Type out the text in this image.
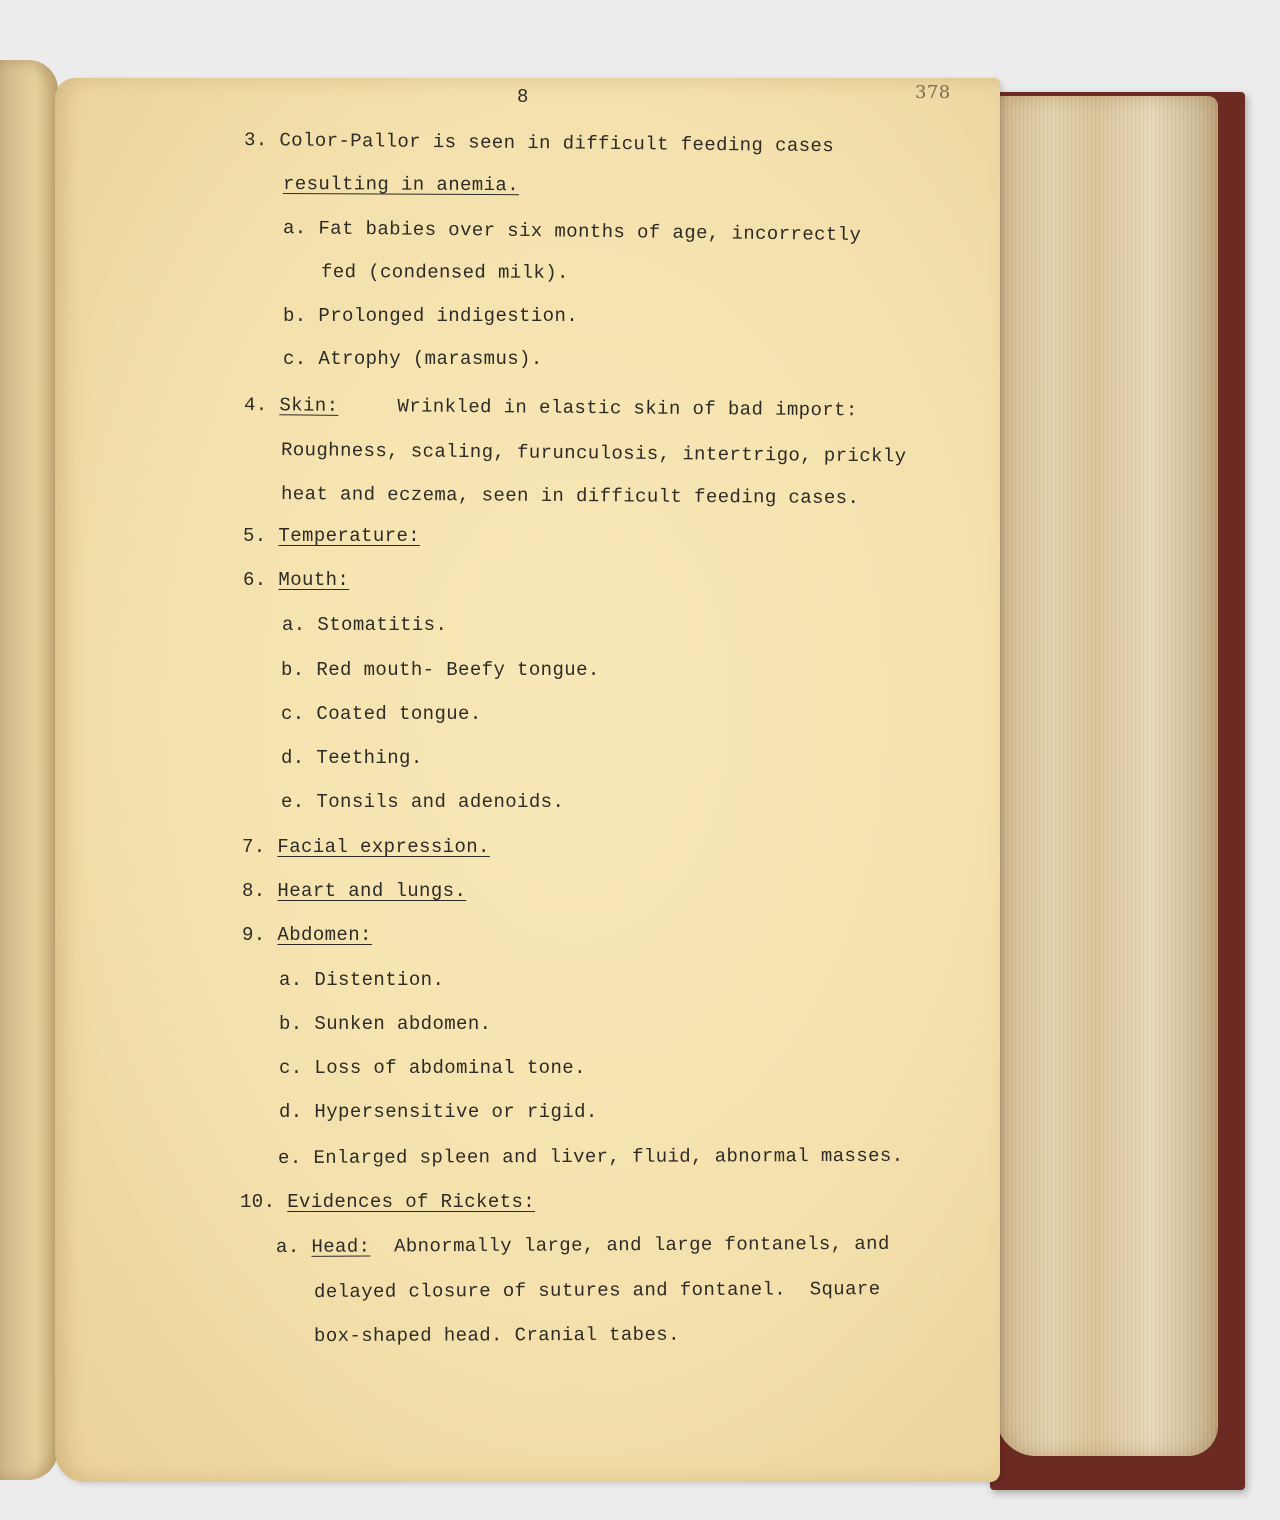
8	378
3. Color-Pallor is seen in difficult feeding cases
resulting in anemia.
a. Fat babies over six months of age, incorrectly
fed (condensed milk).
b. Prolonged indigestion.
c. Atrophy (marasmus).
4. Skin:	Wrinkled in elastic skin of bad import:
Roughness, scaling, furunculosis, intertrigo, prickly
heat and eczema, seen in difficult feeding cases.
5. Temperature:
6. Mouth:
a. Stomatitis.
b. Red mouth- Beefy tongue.
c. Coated tongue.
d. Teething.
e. Tonsils and adenoids.
7. Facial expression.
8. Heart and lungs.
9. Abdomen:
a. Distention.
b. Sunken abdomen.
c. Loss of abdominal tone.
d. Hypersensitive or rigid.
e. Enlarged spleen and liver, fluid, abnormal masses.
10. Evidences of Rickets:
a. Head: Abnormally large, and large fontanels, and
delayed closure of sutures and fontanel.  Square
box-shaped head. Cranial tabes.
